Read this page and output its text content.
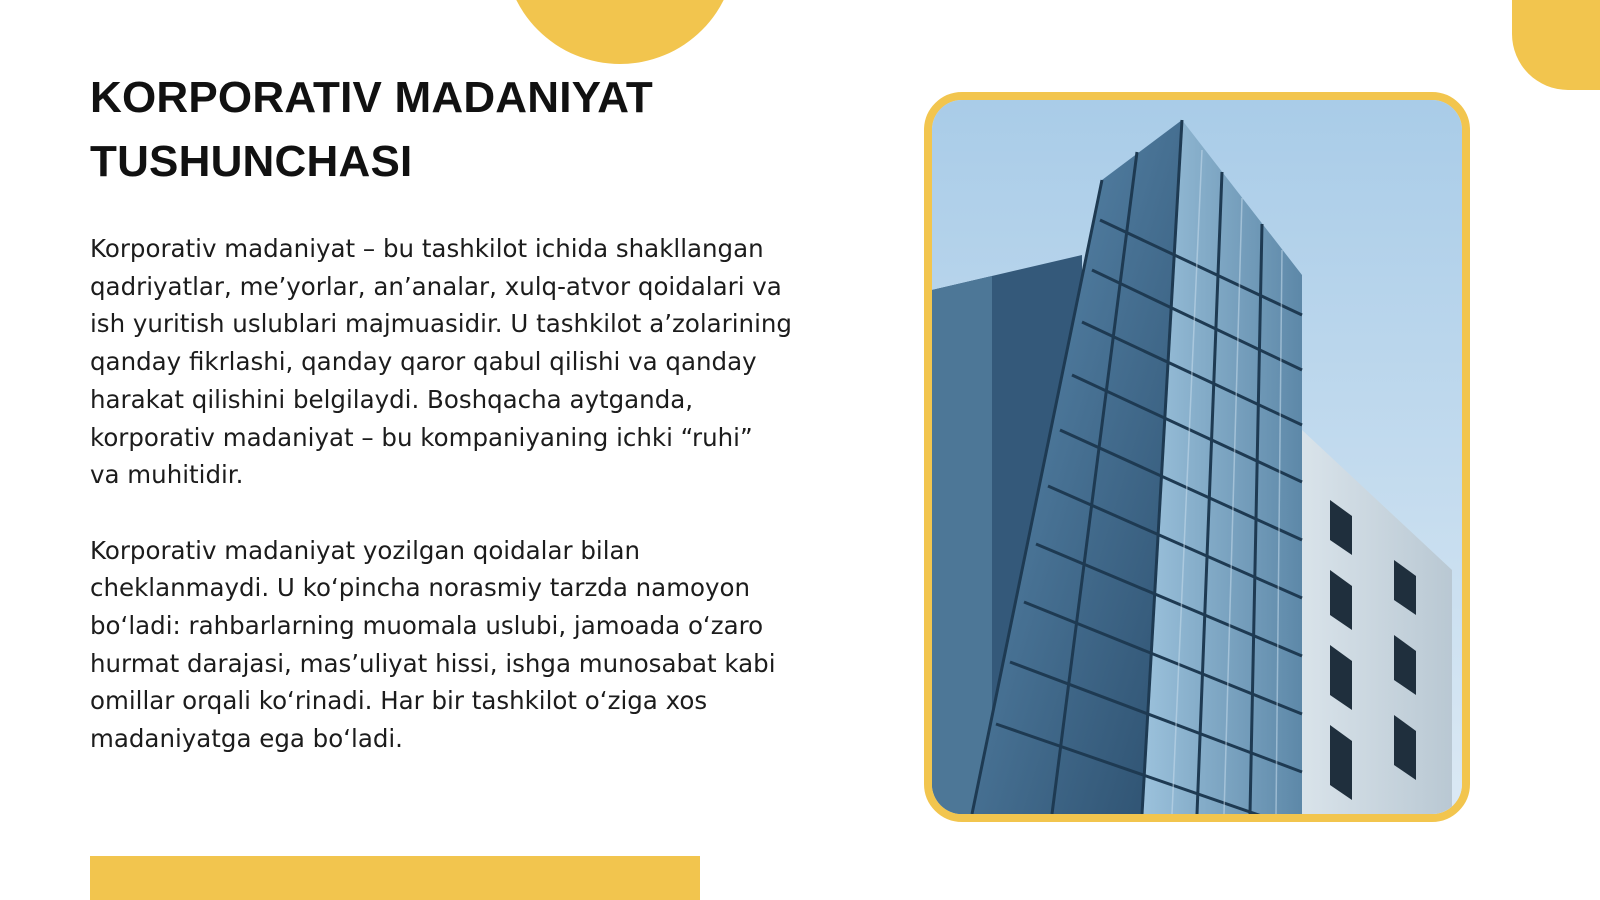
KORPORATIV MADANIYAT
TUSHUNCHASI

Korporativ madaniyat – bu tashkilot ichida shakllangan
qadriyatlar, me’yorlar, an’analar, xulq-atvor qoidalari va
ish yuritish uslublari majmuasidir. U tashkilot a’zolarining
qanday fikrlashi, qanday qaror qabul qilishi va qanday
harakat qilishini belgilaydi. Boshqacha aytganda,
korporativ madaniyat – bu kompaniyaning ichki “ruhi”
va muhitidir.

Korporativ madaniyat yozilgan qoidalar bilan
cheklanmaydi. U ko‘pincha norasmiy tarzda namoyon
bo‘ladi: rahbarlarning muomala uslubi, jamoada o‘zaro
hurmat darajasi, mas’uliyat hissi, ishga munosabat kabi
omillar orqali ko‘rinadi. Har bir tashkilot o‘ziga xos
madaniyatga ega bo‘ladi.
